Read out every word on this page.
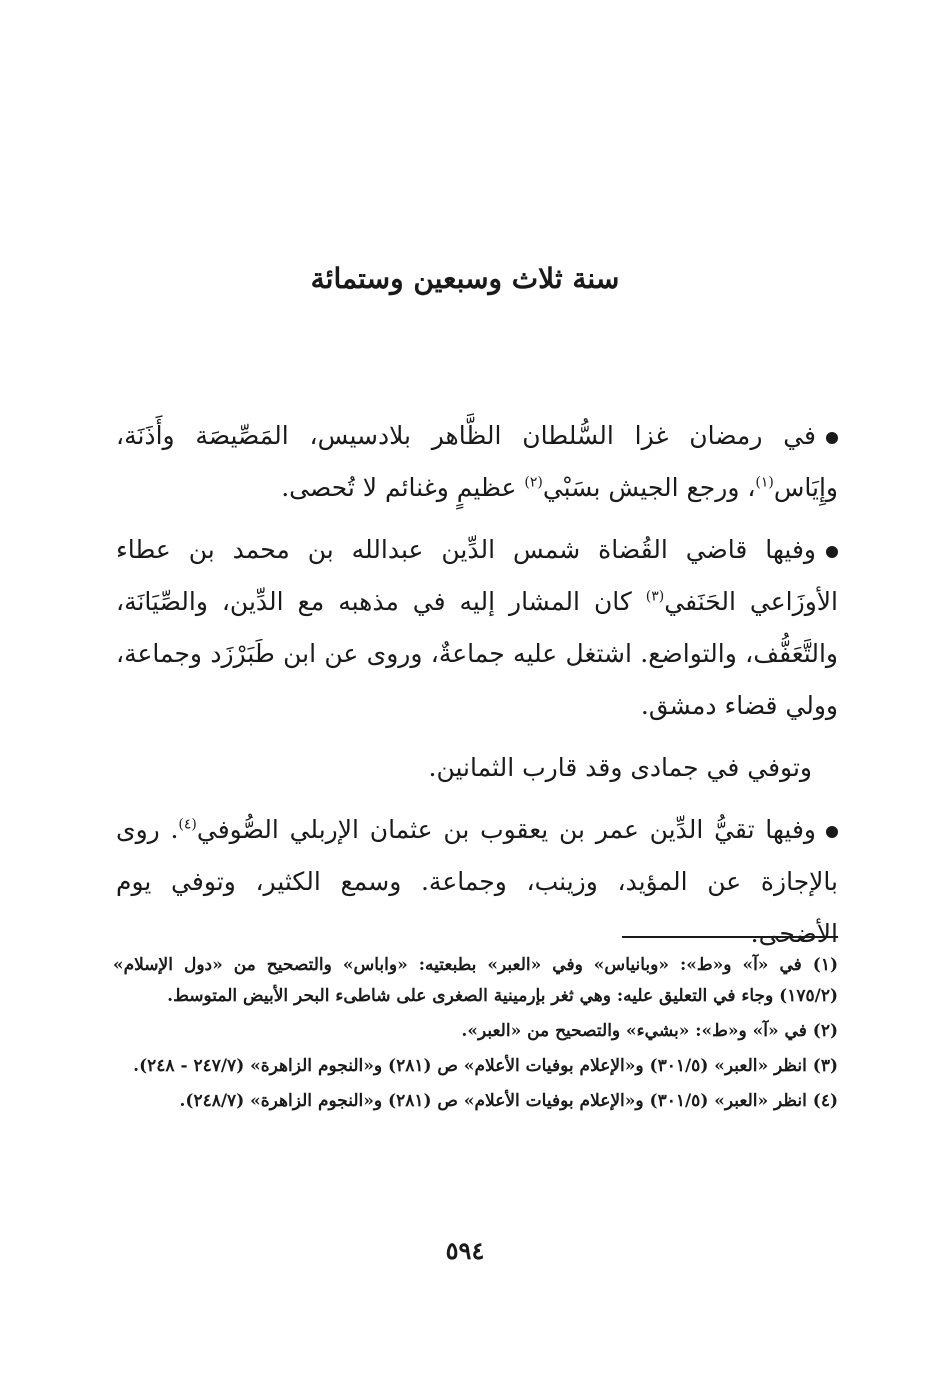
سنة ثلاث وسبعين وستمائة

في رمضان غزا السُّلطان الظَّاهر بلادسيس، المَصِّيصَة وأَذَنَة، وإِيَاس$^{(١)}$، ورجع الجيش بسَبْي$^{(٢)}$ عظيمٍ وغنائم لا تُحصى.

وفيها قاضي القُضاة شمس الدِّين عبدالله بن محمد بن عطاء الأوزَاعي الحَنَفي$^{(٣)}$ كان المشار إليه في مذهبه مع الدِّين، والصِّيَانَة، والتَّعَفُّف، والتواضع. اشتغل عليه جماعةٌ، وروى عن ابن طَبَرْزَد وجماعة، وولي قضاء دمشق.

وتوفي في جمادى وقد قارب الثمانين.

وفيها تقيُّ الدِّين عمر بن يعقوب بن عثمان الإربلي الصُّوفي$^{(٤)}$. روى بالإجازة عن المؤيد، وزينب، وجماعة. وسمع الكثير، وتوفي يوم الأضحى.

(١) في «آ» و«ط»: «وبانياس» وفي «العبر» بطبعتيه: «واباس» والتصحيح من «دول الإسلام» (١٧٥/٢) وجاء في التعليق عليه: وهي ثغر بإرمينية الصغرى على شاطىء البحر الأبيض المتوسط.

(٢) في «آ» و«ط»: «بشيء» والتصحيح من «العبر».

(٣) انظر «العبر» (٣٠١/٥) و«الإعلام بوفيات الأعلام» ص (٢٨١) و«النجوم الزاهرة» (٢٤٧/٧ - ٢٤٨).

(٤) انظر «العبر» (٣٠١/٥) و«الإعلام بوفيات الأعلام» ص (٢٨١) و«النجوم الزاهرة» (٢٤٨/٧).

٥٩٤
